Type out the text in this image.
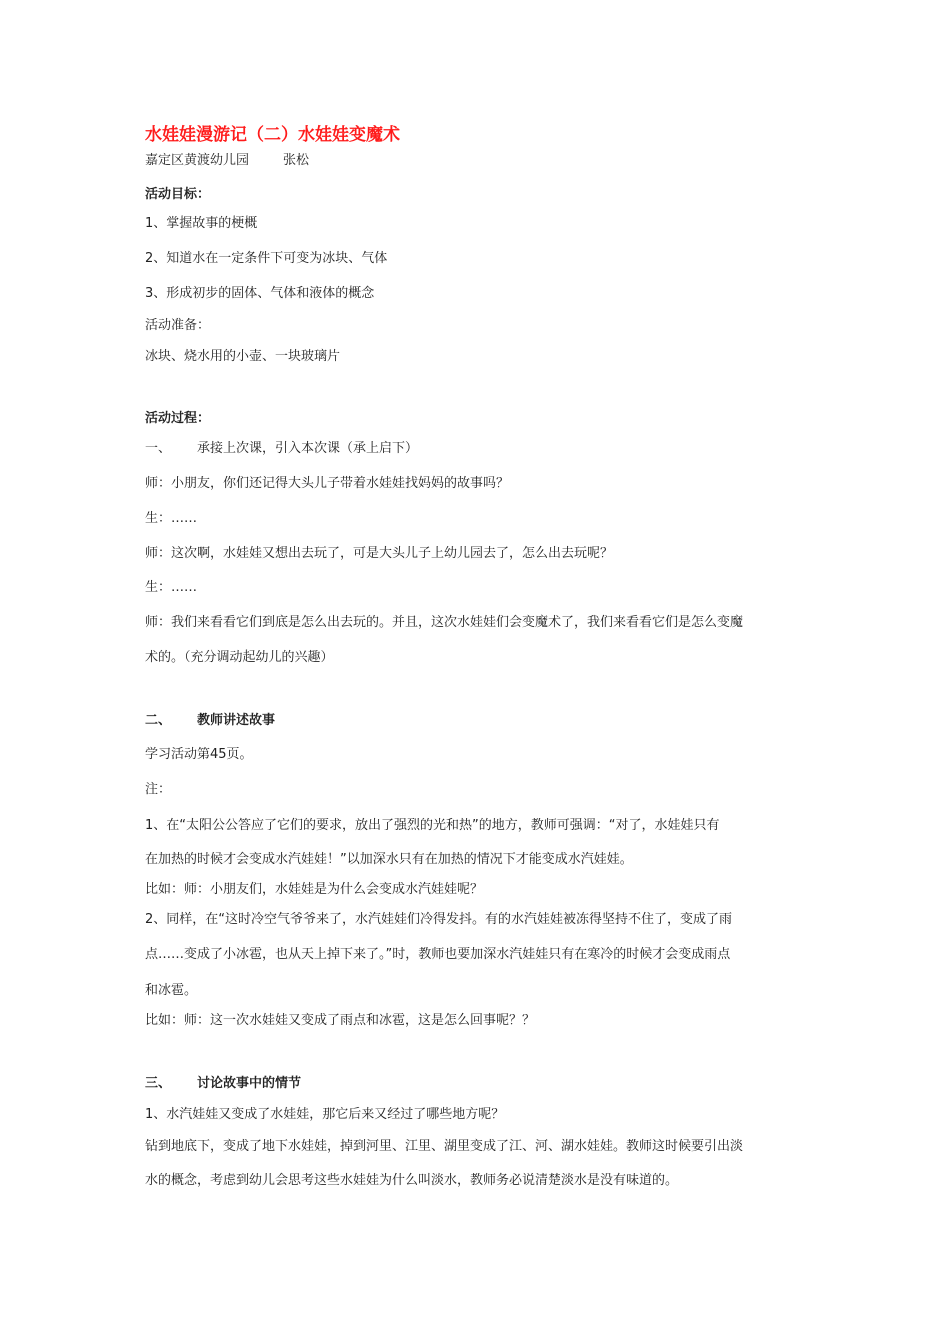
水娃娃漫游记（二）水娃娃变魔术
嘉定区黄渡幼儿园	张松
活动目标：
1、掌握故事的梗概
2、知道水在一定条件下可变为冰块、气体
3、形成初步的固体、气体和液体的概念
活动准备：
冰块、烧水用的小壶、一块玻璃片
活动过程：
一、 承接上次课，引入本次课（承上启下）
师：小朋友，你们还记得大头儿子带着水娃娃找妈妈的故事吗？
生：……
师：这次啊，水娃娃又想出去玩了，可是大头儿子上幼儿园去了，怎么出去玩呢？
生：……
师：我们来看看它们到底是怎么出去玩的。并且，这次水娃娃们会变魔术了，我们来看看它们是怎么变魔
术的。（充分调动起幼儿的兴趣）
二、 教师讲述故事
学习活动第45页。
注：
1、在“太阳公公答应了它们的要求，放出了强烈的光和热”的地方，教师可强调：“对了，水娃娃只有
在加热的时候才会变成水汽娃娃！”以加深水只有在加热的情况下才能变成水汽娃娃。
比如：师：小朋友们，水娃娃是为什么会变成水汽娃娃呢？
2、同样，在“这时冷空气爷爷来了，水汽娃娃们冷得发抖。有的水汽娃娃被冻得坚持不住了，变成了雨
点……变成了小冰雹，也从天上掉下来了。”时，教师也要加深水汽娃娃只有在寒冷的时候才会变成雨点
和冰雹。
比如：师：这一次水娃娃又变成了雨点和冰雹，这是怎么回事呢？？
三、 讨论故事中的情节
1、水汽娃娃又变成了水娃娃，那它后来又经过了哪些地方呢？
钻到地底下，变成了地下水娃娃，掉到河里、江里、湖里变成了江、河、湖水娃娃。教师这时候要引出淡
水的概念，考虑到幼儿会思考这些水娃娃为什么叫淡水，教师务必说清楚淡水是没有味道的。
